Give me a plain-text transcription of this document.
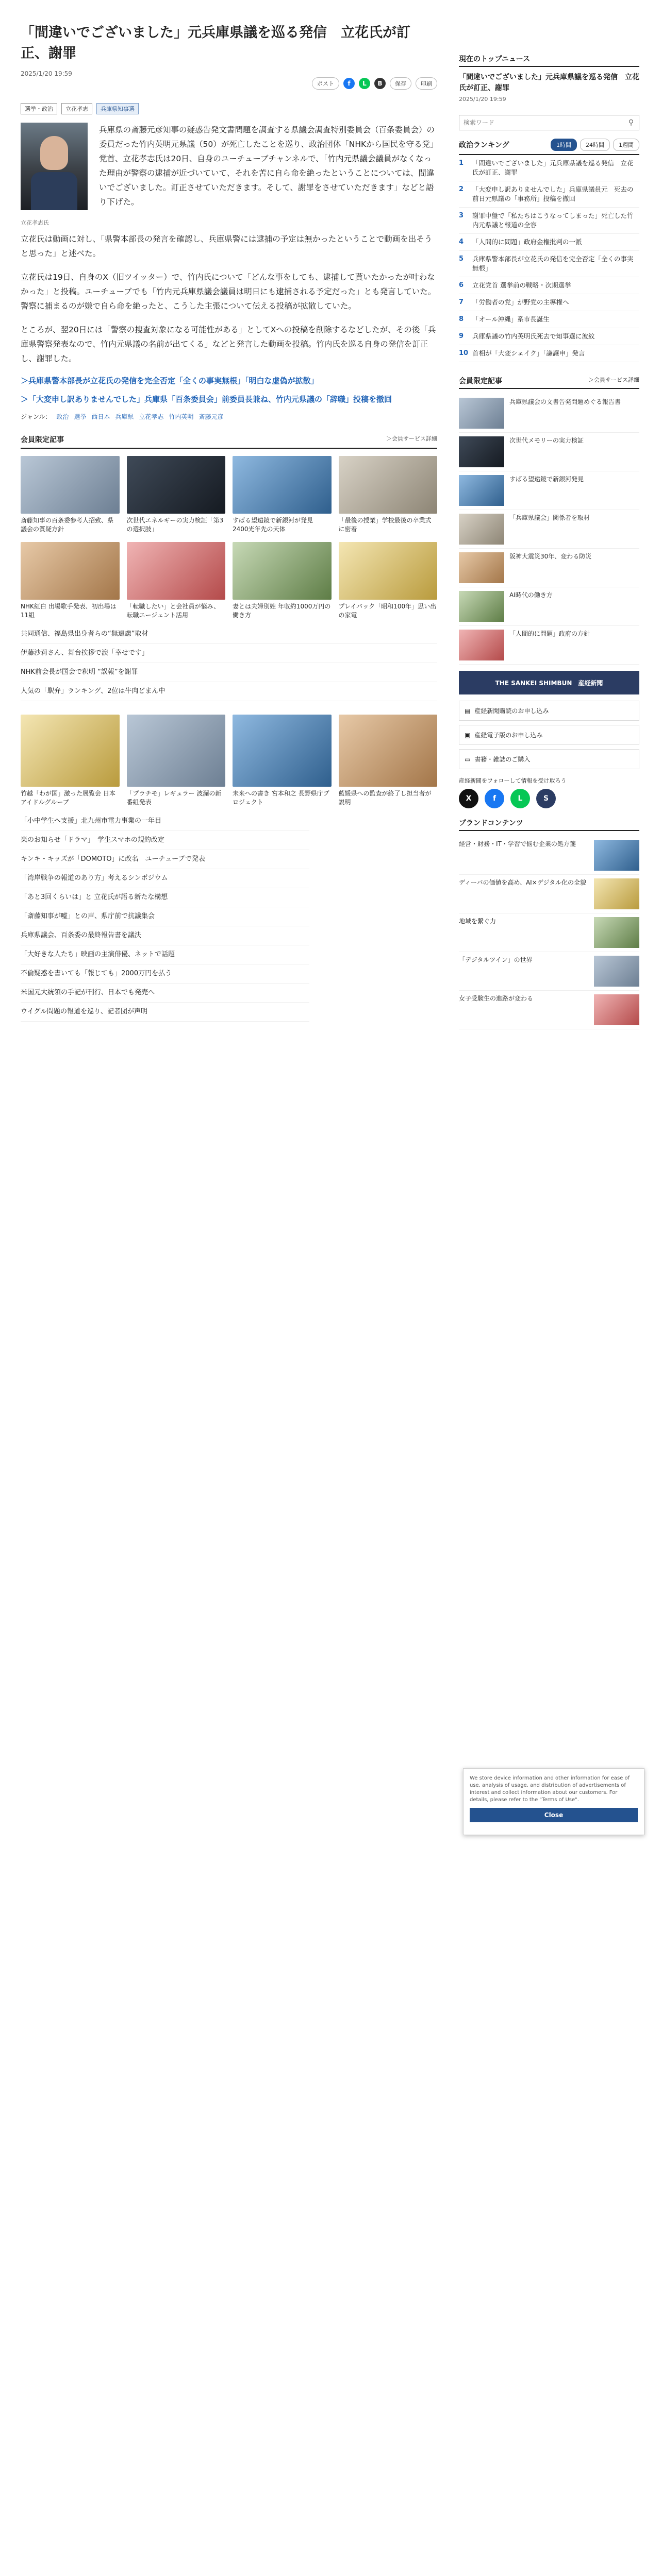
「間違いでございました」元兵庫県議を巡る発信　立花氏が訂正、謝罪
2025/1/20 19:59
ポスト	f	L	B	保存	印刷
選挙・政治	立花孝志	兵庫県知事選

兵庫県の斎藤元彦知事の疑惑告発文書問題を調査する県議会調査特別委員会（百条委員会）の委員だった竹内英明元県議（50）が死亡したことを巡り、政治団体「NHKから国民を守る党」党首、立花孝志氏は20日、自身のユーチューブチャンネルで、「竹内元県議会議員がなくなった理由が警察の逮捕が近づいていて、それを苦に自ら命を絶ったということについては、間違いでございました。訂正させていただきます。そして、謝罪をさせていただきます」などと語り下げた。

立花孝志氏

立花氏は動画に対し、「県警本部長の発言を確認し、兵庫県警には逮捕の予定は無かったということで動画を出そうと思った」と述べた。

立花氏は19日、自身のX（旧ツイッター）で、竹内氏について「どんな事をしても、逮捕して貰いたかったが叶わなかった」と投稿。ユーチューブでも「竹内元兵庫県議会議員は明日にも逮捕される予定だった」とも発言していた。警察に捕まるのが嫌で自ら命を絶ったと、こうした主張について伝える投稿が拡散していた。

ところが、翌20日には「警察の捜査対象になる可能性がある」としてXへの投稿を削除するなどしたが、その後「兵庫県警察発表なので、竹内元県議の名前が出てくる」などと発言した動画を投稿。竹内氏を巡る自身の発信を訂正し、謝罪した。

＞兵庫県警本部長が立花氏の発信を完全否定「全くの事実無根」「明白な虚偽が拡散」
＞「大変申し訳ありませんでした」兵庫県「百条委員会」前委員長兼ね、竹内元県議の「辞職」投稿を撤回
ジャンル： 政治 選挙 西日本 兵庫県 立花孝志 竹内英明 斎藤元彦
会員限定記事	＞会員サービス詳細
斎藤知事の百条委参考人招致、県議会の質疑方針
次世代エネルギーの実力検証「第3の選択肢」
すばる望遠鏡で新銀河が発見　2400光年先の天体
「最後の授業」学校最後の卒業式に密着
NHK紅白 出場歌手発表、初出場は11組
「転職したい」と会社員が悩み、転職エージェント活用
妻とは夫婦別姓 年収約1000万円の働き方
プレイバック「昭和100年」思い出の家電
共同通信、福島県出身者らの“無遠慮”取材
伊藤沙莉さん、舞台挨拶で涙「幸せです」
NHK前会長が国会で釈明 “誤報”を謝罪
人気の「駅弁」ランキング、2位は牛肉どまん中
竹越「わが国」激った展覧会 日本アイドルグループ
「プラチモ」レギュラー 波瀾の新番組発表
未来への書き 宮本和之 長野県庁プロジェクト
藍媛県への監査が終了し担当者が説明
「小中学生へ支援」北九州市電力事業の一年目
楽のお知らせ「ドラマ」　学生スマホの規約改定
キンキ・キッズが「DOMOTO」に改名　ユーチューブで発表
「湾岸戦争の報道のあり方」考えるシンポジウム
「あと3回くらいは」と 立花氏が語る新たな構想
「斎藤知事が嘘」との声、県庁前で抗議集会
兵庫県議会、百条委の最終報告書を議決
「大好きな人たち」映画の主演俳優、ネットで話題
不倫疑惑を書いても「報じても」2000万円を払う
米国元大統領の手記が刊行、日本でも発売へ
ウイグル問題の報道を巡り、記者団が声明
現在のトップニュース
「間違いでございました」元兵庫県議を巡る発信　立花氏が訂正、謝罪
2025/1/20 19:59
検索ワード
⚲
政治ランキング	1時間	24時間	1週間
1	「間違いでございました」元兵庫県議を巡る発信　立花氏が訂正、謝罪
2	「大変申し訳ありませんでした」兵庫県議員元　死去の前日元県議の「事務所」投稿を撤回
3	謝罪中盤で「私たちはこうなってしまった」死亡した竹内元県議と報道の全容
4	「人間的に問題」政府金権批判の一派
5	兵庫県警本部長が立花氏の発信を完全否定「全くの事実無根」
6	立花党首 選挙前の戦略・次期選挙
7	「労働者の党」が野党の主導権へ
8	「オール沖縄」系市長誕生
9	兵庫県議の竹内英明氏死去で知事選に波紋
10 首相が「大変シェイク」「謙譲申」発言
会員限定記事	＞会員サービス詳細
兵庫県議会の文書告発問題めぐる報告書
次世代メモリーの実力検証
すばる望遠鏡で新銀河発見
「兵庫県議会」関係者を取材
阪神大震災30年、変わる防災
AI時代の働き方
「人間的に問題」政府の方針
THE SANKEI SHIMBUN　産経新聞
▤ 産経新聞購読のお申し込み
▣ 産経電子版のお申し込み
▭ 書籍・雑誌のご購入
産経新聞をフォローして情報を受け取ろう
X	f	L	S
ブランドコンテンツ
経営・財務・IT・学習で悩む企業の処方箋
ディーバの価値を高め、AI×デジタル化の全貌
地域を繋ぐ力
「デジタルツイン」の世界
女子受験生の進路が変わる
We store device information and other information for ease of use, analysis of usage, and distribution of advertisements of interest and collect information about our customers. For details, please refer to the "Terms of Use".
Close
